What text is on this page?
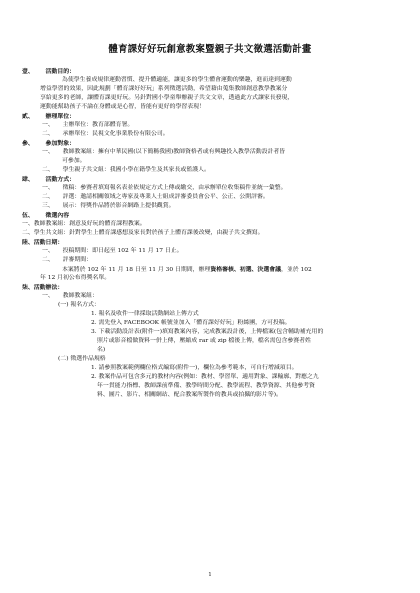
體育課好好玩創意教案暨親子共文徵選活動計畫
壹、　　活動目的：
為使學生養成規律運動習慣、提升體適能，讓更多的學生體會運動的樂趣，進而達到運動
增益學習的效果，因此規劃「體育課好好玩」系列徵選活動，希望藉由蒐集教師創意教學教案分
享給更多的老師，讓體育課更好玩。另針對國小學童舉辦親子共文文章，透過此方式讓家長發現，
運動能幫助孩子不論在身體或是心智，皆能有更好的學習表現！
貳、　　辦理單位：
一、　　主辦單位：教育部體育署。
二、　　承辦單位：民視文化事業股份有限公司。
參、　　參加對象：
一、　　教師教案組：擁有中華民國(以下簡稱我國)教師資格者或有興趣投入教學活動設計者皆
可參加。
二、　　學生親子共文組：我國小學在籍學生及其家長或監護人。
肆、　　活動方式：
一、　　徵稿：參賽者填寫報名表並依規定方式上傳或繳交，由承辦單位收集稿件並統一彙整。
二、　　評選：邀請相關領域之專家及專業人士組成評審委員會公平、公正、公開評審。
三、　　展示：得獎作品將於影音網路上提供觀賞。
伍、　　徵選內容
一、教師教案組：創意及好玩的體育課程教案。
二、學生共文組：針對學生上體育課感想及家長對於孩子上體育課後改變，由親子共文撰寫。
陸、活動日期：
一、　　投稿期間：即日起至 102 年 11 月 17 日止。
二、　　評審期間：
本案將於 102 年 11 月 18 日至 11 月 30 日期間，辦理資格審核、初選、決選會議，並於 102
年 12 月初公布得獎名單。
柒、活動辦法：
一、　　教師教案組：
(一) 報名方式：
1. 報名及收件一律採取活動網站上傳方式
2. 需先登入 FACEBOOK 帳號並加入「體育課好好玩」粉絲團，方可投稿。
3. 下載活動設計表(附件一)填寫教案內容，完成教案設計後，上傳檔案(包含輔助補充用的
照片或影音檔做資料一併上傳，壓縮成 rar 或 zip 檔後上傳，檔名需包含參賽者姓
名)
(二) 徵選作品規格
1. 請參照教案範例欄位格式編寫(附件一)，欄位為參考範本，可自行增減項目。
2. 教案作品可包含多元的教材內容(例如：教材、學習單、適用對象、課輸廓、對應之九
年一貫能力指標、教師課前準備、教學時間分配、教學流程、教學資源、其他參考資
料、圖片、影片、相關網站、配合教案所製作的教具或拍攝的影片等)。
1
